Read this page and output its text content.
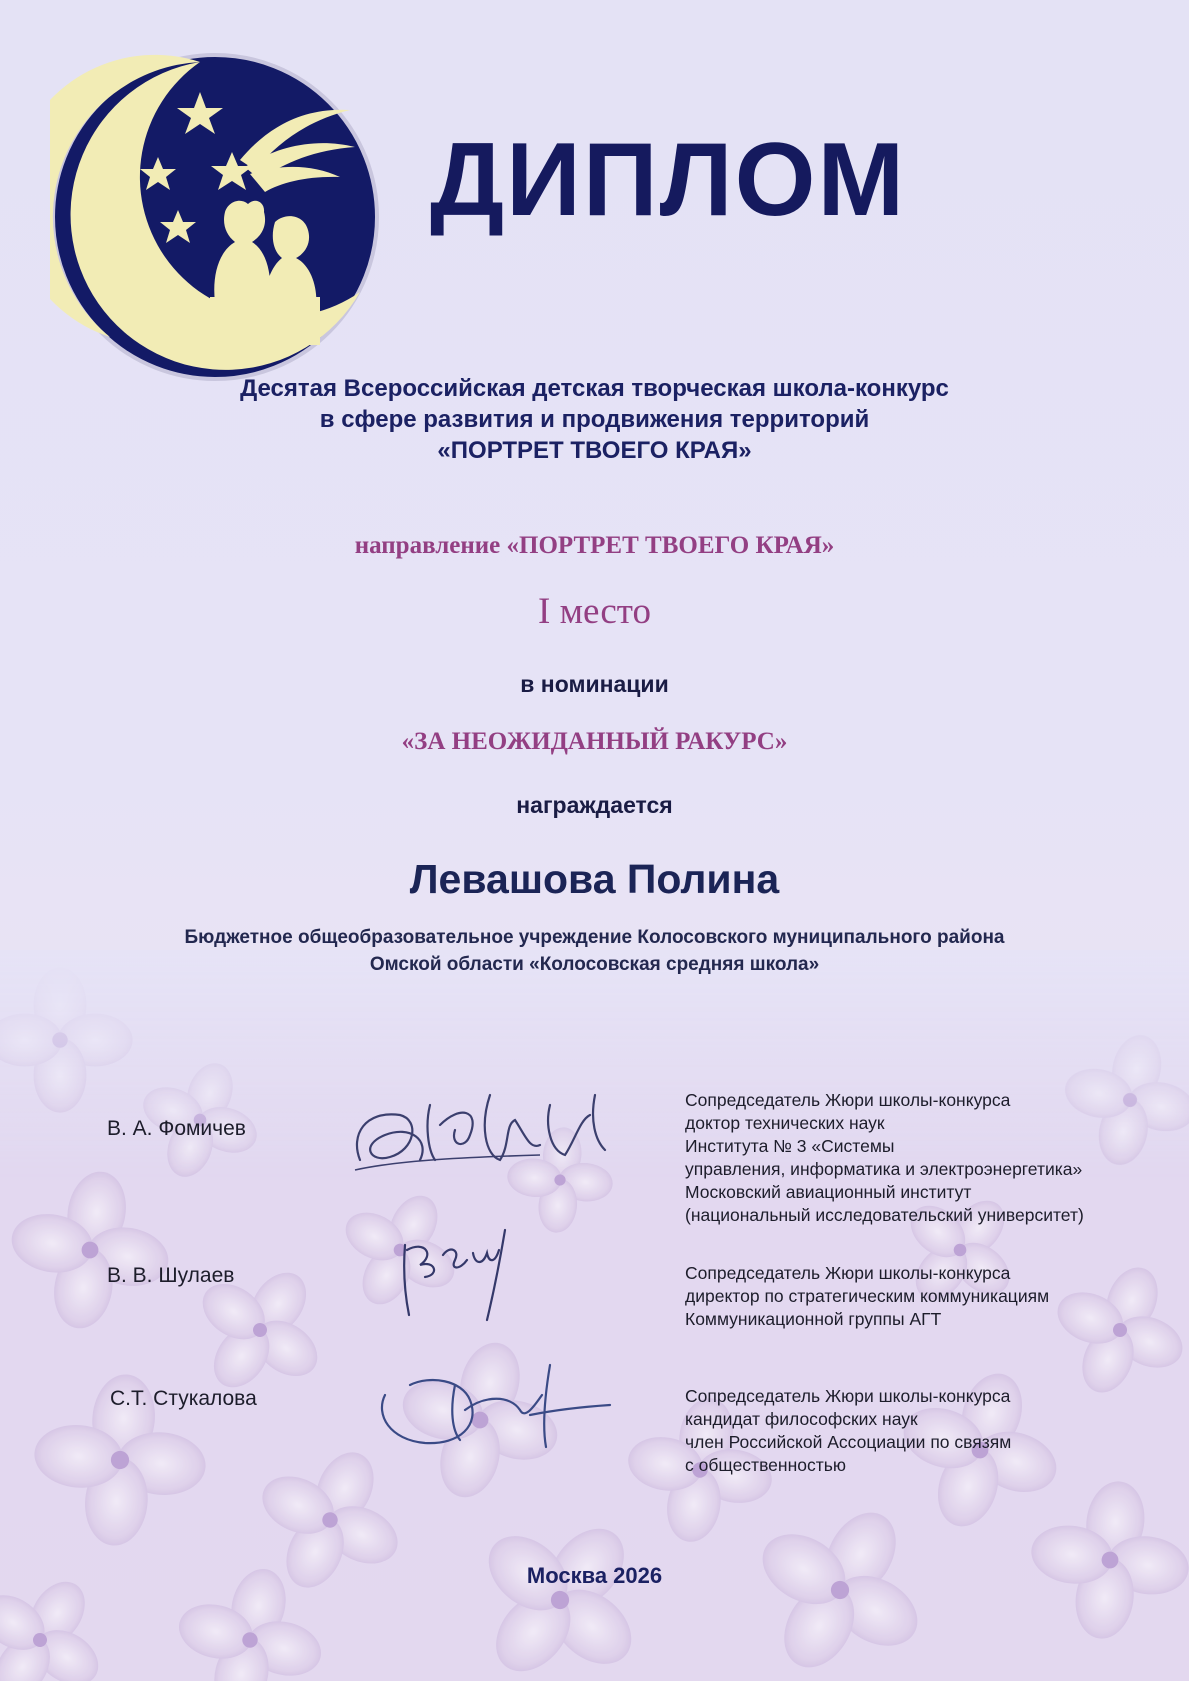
ДИПЛОМ
Десятая Всероссийская детская творческая школа-конкурс
в сфере развития и продвижения территорий
«ПОРТРЕТ ТВОЕГО КРАЯ»
направление «ПОРТРЕТ ТВОЕГО КРАЯ»
I место
в номинации
«ЗА НЕОЖИДАННЫЙ РАКУРС»
награждается
Левашова Полина
Бюджетное общеобразовательное учреждение Колосовского муниципального района
Омской области «Колосовская средняя школа»
В. А. Фомичев
Сопредседатель Жюри школы-конкурса
доктор технических наук
Института № 3 «Системы
управления, информатика и электроэнергетика»
Московский авиационный институт
(национальный исследовательский университет)
В. В. Шулаев	Сопредседатель Жюри школы-конкурса
директор по стратегическим коммуникациям
Коммуникационной группы АГТ
С.Т. Стукалова	Сопредседатель Жюри школы-конкурса
кандидат философских наук
член Российской Ассоциации по связям
с общественностью
Москва 2026
